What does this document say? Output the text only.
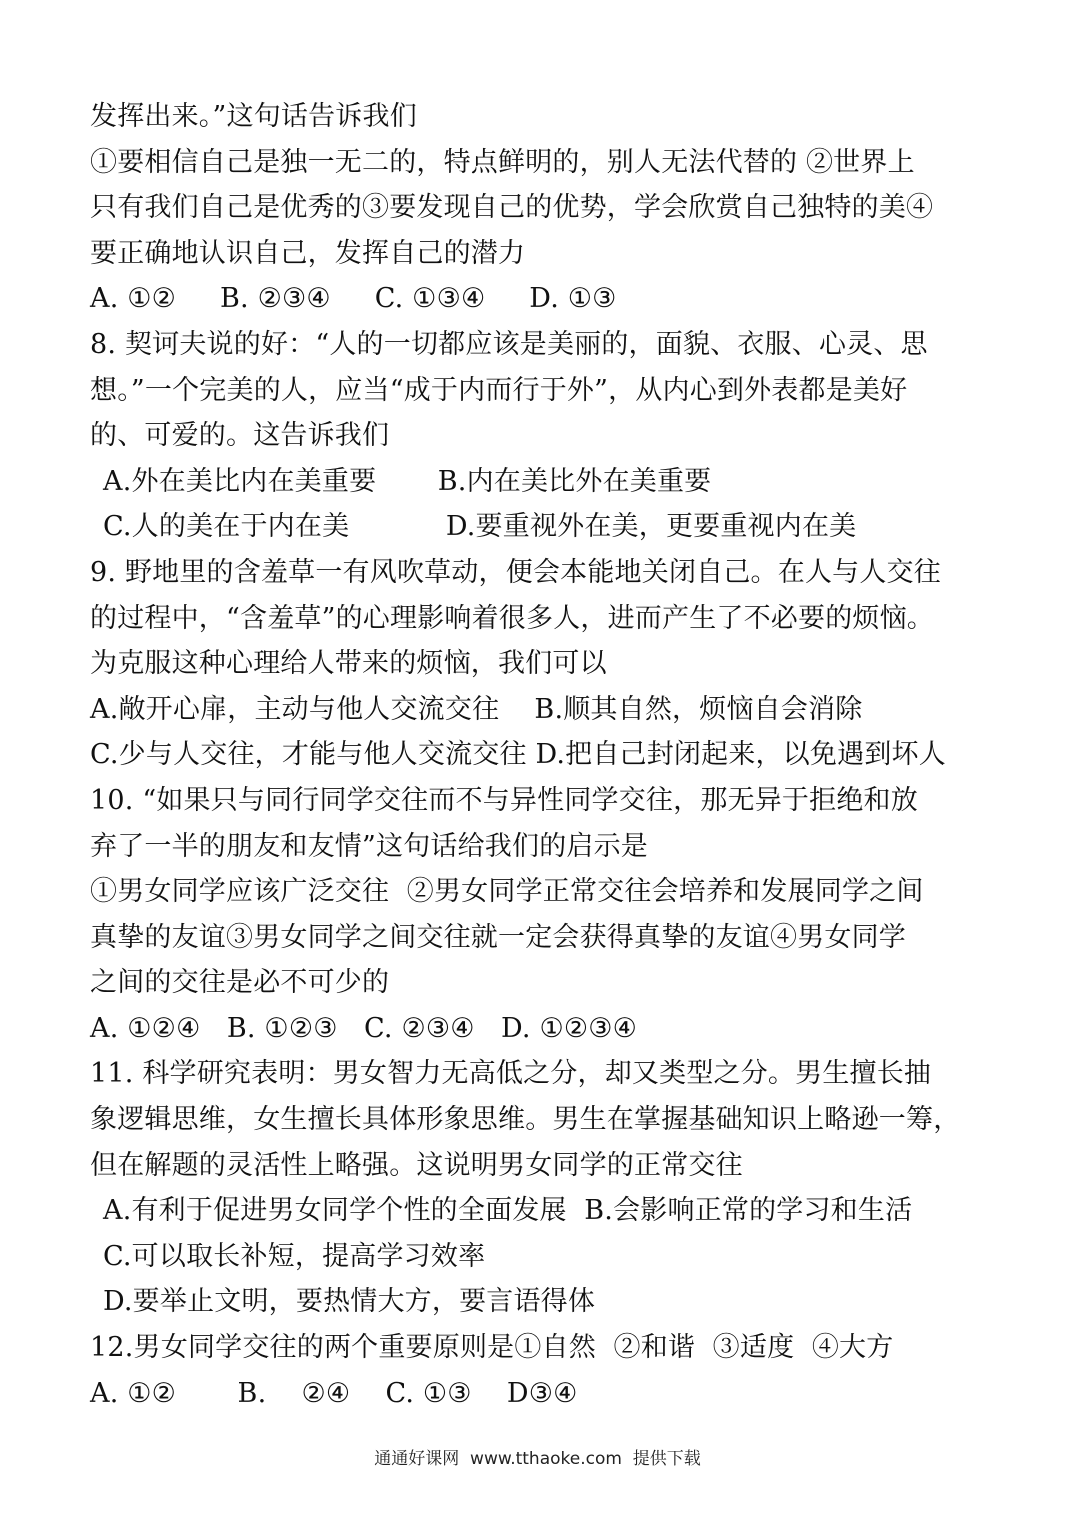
发挥出来。”这句话告诉我们
①要相信自己是独一无二的，特点鲜明的，别人无法代替的 ②世界上
只有我们自己是优秀的③要发现自己的优势，学会欣赏自己独特的美④
要正确地认识自己，发挥自己的潜力
A. ①②     B. ②③④     C. ①③④     D. ①③
8. 契诃夫说的好：“人的一切都应该是美丽的，面貌、衣服、心灵、思
想。”一个完美的人，应当“成于内而行于外”，从内心到外表都是美好
的、可爱的。这告诉我们
A.外在美比内在美重要       B.内在美比外在美重要
C.人的美在于内在美           D.要重视外在美，更要重视内在美
9. 野地里的含羞草一有风吹草动，便会本能地关闭自己。在人与人交往
的过程中，“含羞草”的心理影响着很多人，进而产生了不必要的烦恼。
为克服这种心理给人带来的烦恼，我们可以
A.敞开心扉，主动与他人交流交往    B.顺其自然，烦恼自会消除
C.少与人交往，才能与他人交流交往 D.把自己封闭起来，以免遇到坏人
10. “如果只与同行同学交往而不与异性同学交往，那无异于拒绝和放
弃了一半的朋友和友情”这句话给我们的启示是
①男女同学应该广泛交往  ②男女同学正常交往会培养和发展同学之间
真挚的友谊③男女同学之间交往就一定会获得真挚的友谊④男女同学
之间的交往是必不可少的
A. ①②④   B. ①②③   C. ②③④   D. ①②③④
11. 科学研究表明：男女智力无高低之分，却又类型之分。男生擅长抽
象逻辑思维，女生擅长具体形象思维。男生在掌握基础知识上略逊一筹，
但在解题的灵活性上略强。这说明男女同学的正常交往
A.有利于促进男女同学个性的全面发展  B.会影响正常的学习和生活
C.可以取长补短，提高学习效率
D.要举止文明，要热情大方，要言语得体
12.男女同学交往的两个重要原则是①自然  ②和谐  ③适度  ④大方
A. ①②       B.    ②④    C. ①③    D③④
通通好课网  www.tthaoke.com  提供下载
